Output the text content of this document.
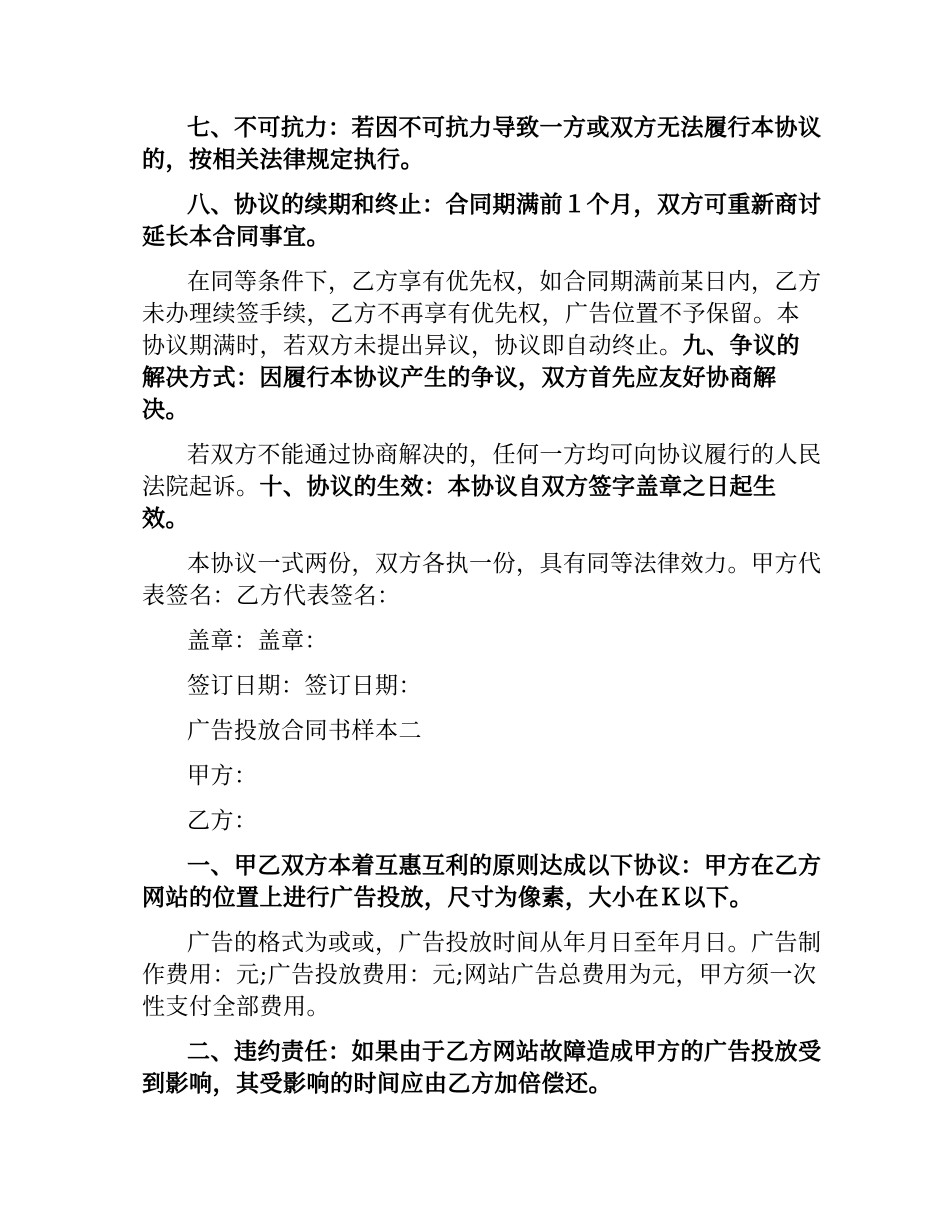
七、不可抗力：若因不可抗力导致一方或双方无法履行本协议的，按相关法律规定执行。

八、协议的续期和终止：合同期满前１个月，双方可重新商讨延长本合同事宜。

在同等条件下，乙方享有优先权，如合同期满前某日内，乙方未办理续签手续，乙方不再享有优先权，广告位置不予保留。本协议期满时，若双方未提出异议，协议即自动终止。九、争议的解决方式：因履行本协议产生的争议，双方首先应友好协商解决。

若双方不能通过协商解决的，任何一方均可向协议履行的人民法院起诉。十、协议的生效：本协议自双方签字盖章之日起生效。

本协议一式两份，双方各执一份，具有同等法律效力。甲方代表签名：乙方代表签名：

盖章：盖章：

签订日期：签订日期：

广告投放合同书样本二

甲方：

乙方：

一、甲乙双方本着互惠互利的原则达成以下协议：甲方在乙方网站的位置上进行广告投放，尺寸为像素，大小在Ｋ以下。

广告的格式为或或，广告投放时间从年月日至年月日。广告制作费用：元;广告投放费用：元;网站广告总费用为元，甲方须一次性支付全部费用。

二、违约责任：如果由于乙方网站故障造成甲方的广告投放受到影响，其受影响的时间应由乙方加倍偿还。
